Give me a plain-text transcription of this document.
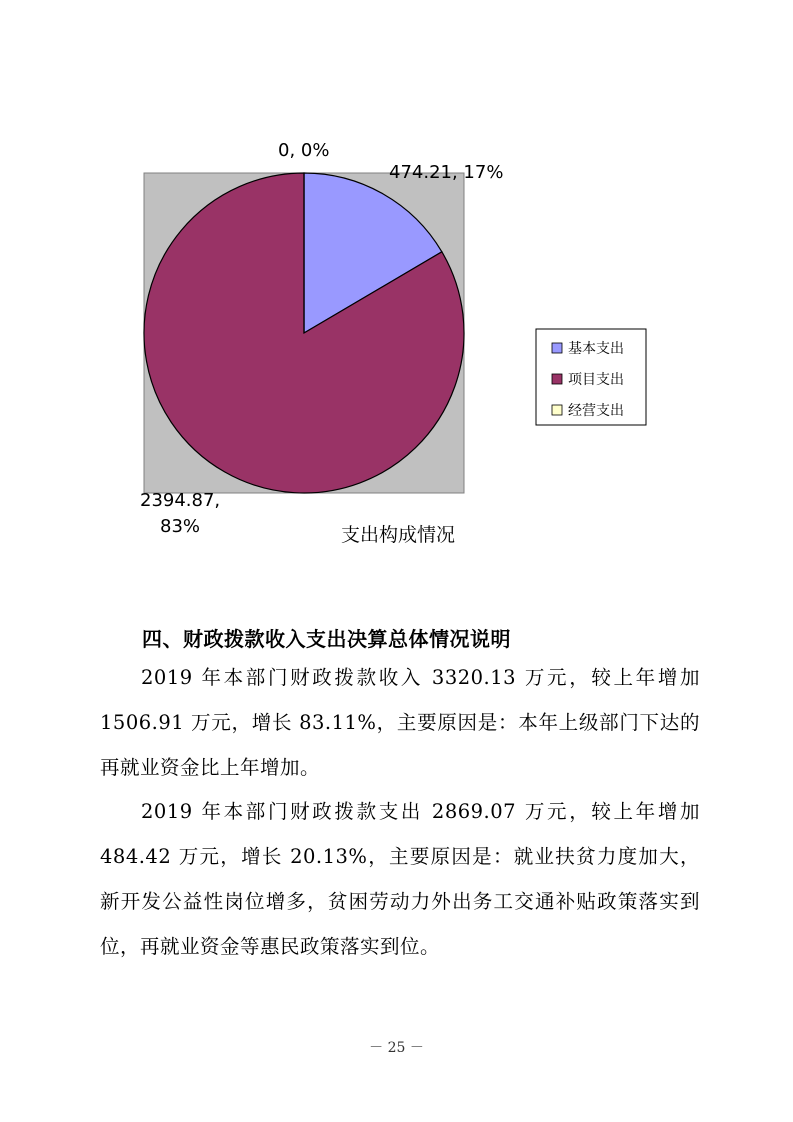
474.21, 17%
2394.87,
83%
0, 0%
基本支出
项目支出
经营支出
支出构成情况
四、财政拨款收入支出决算总体情况说明
2019 年本部门财政拨款收入 3320.13 万元，较上年增加 1506.91 万元，增长 83.11%，主要原因是：本年上级部门下达的再就业资金比上年增加。
2019 年本部门财政拨款支出 2869.07 万元，较上年增加 484.42 万元，增长 20.13%，主要原因是：就业扶贫力度加大，新开发公益性岗位增多，贫困劳动力外出务工交通补贴政策落实到位，再就业资金等惠民政策落实到位。
－ 25 －
